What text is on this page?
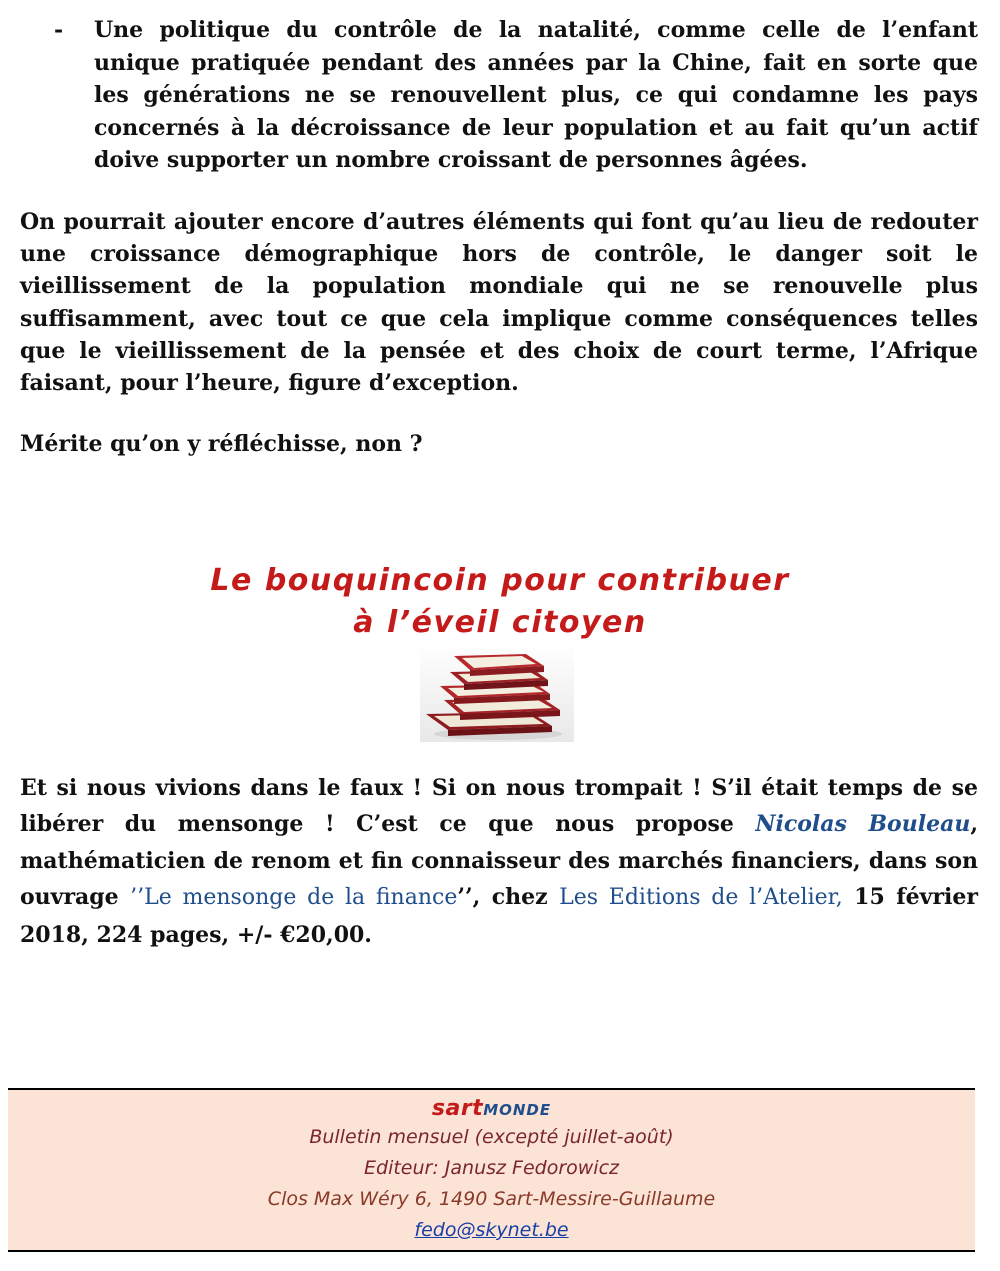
-	Une politique du contrôle de la natalité, comme celle de l’enfant unique pratiquée pendant des années par la Chine, fait en sorte que les générations ne se renouvellent plus, ce qui condamne les pays concernés à la décroissance de leur population et au fait qu’un actif doive supporter un nombre croissant de personnes âgées.
On pourrait ajouter encore d’autres éléments qui font qu’au lieu de redouter une croissance démographique hors de contrôle, le danger soit le vieillissement de la population mondiale qui ne se renouvelle plus suffisamment, avec tout ce que cela implique comme conséquences telles que le vieillissement de la pensée et des choix de court terme, l’Afrique faisant, pour l’heure, figure d’exception.
Mérite qu’on y réfléchisse, non ?
Le bouquincoin pour contribuer
à l’éveil citoyen
Et si nous vivions dans le faux ! Si on nous trompait ! S’il était temps de se libérer du mensonge ! C’est ce que nous propose Nicolas Bouleau, mathématicien de renom et fin connaisseur des marchés financiers, dans son ouvrage ’’Le mensonge de la finance’’, chez Les Editions de l’Atelier, 15 février 2018, 224 pages, +/- €20,00.
sartMONDE
Bulletin mensuel (excepté juillet-août)
Editeur: Janusz Fedorowicz
Clos Max Wéry 6, 1490 Sart-Messire-Guillaume
fedo@skynet.be
